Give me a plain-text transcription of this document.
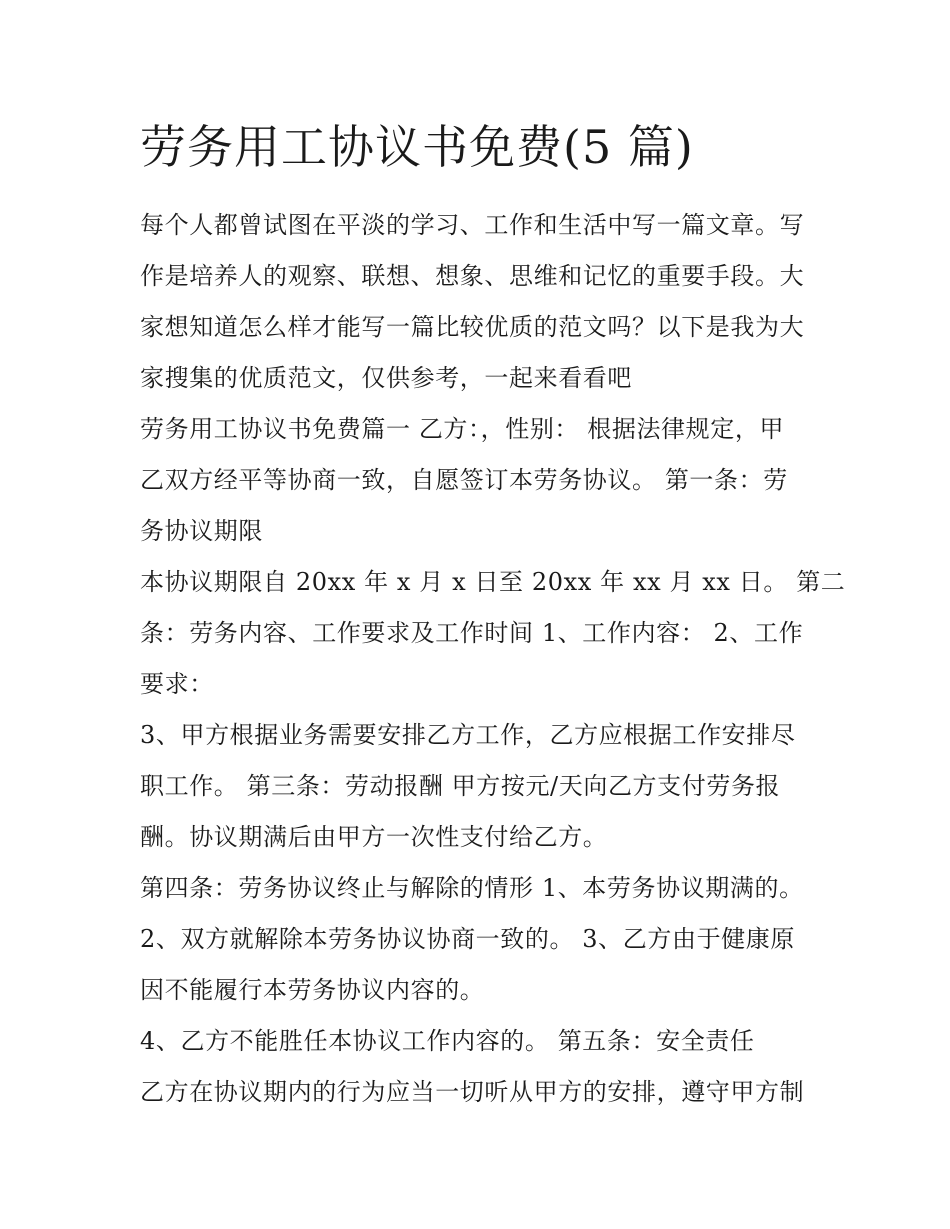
劳务用工协议书免费(5 篇)

每个人都曾试图在平淡的学习、工作和生活中写一篇文章。写
作是培养人的观察、联想、想象、思维和记忆的重要手段。大
家想知道怎么样才能写一篇比较优质的范文吗？以下是我为大
家搜集的优质范文，仅供参考，一起来看看吧

劳务用工协议书免费篇一 乙方：，性别： 根据法律规定，甲
乙双方经平等协商一致，自愿签订本劳务协议。 第一条：劳
务协议期限

本协议期限自 20xx 年 x 月 x 日至 20xx 年 xx 月 xx 日。 第二
条：劳务内容、工作要求及工作时间 1、工作内容： 2、工作
要求：

3、甲方根据业务需要安排乙方工作，乙方应根据工作安排尽
职工作。 第三条：劳动报酬 甲方按元/天向乙方支付劳务报
酬。协议期满后由甲方一次性支付给乙方。

第四条：劳务协议终止与解除的情形 1、本劳务协议期满的。
2、双方就解除本劳务协议协商一致的。 3、乙方由于健康原
因不能履行本劳务协议内容的。

4、乙方不能胜任本协议工作内容的。 第五条：安全责任

乙方在协议期内的行为应当一切听从甲方的安排，遵守甲方制
